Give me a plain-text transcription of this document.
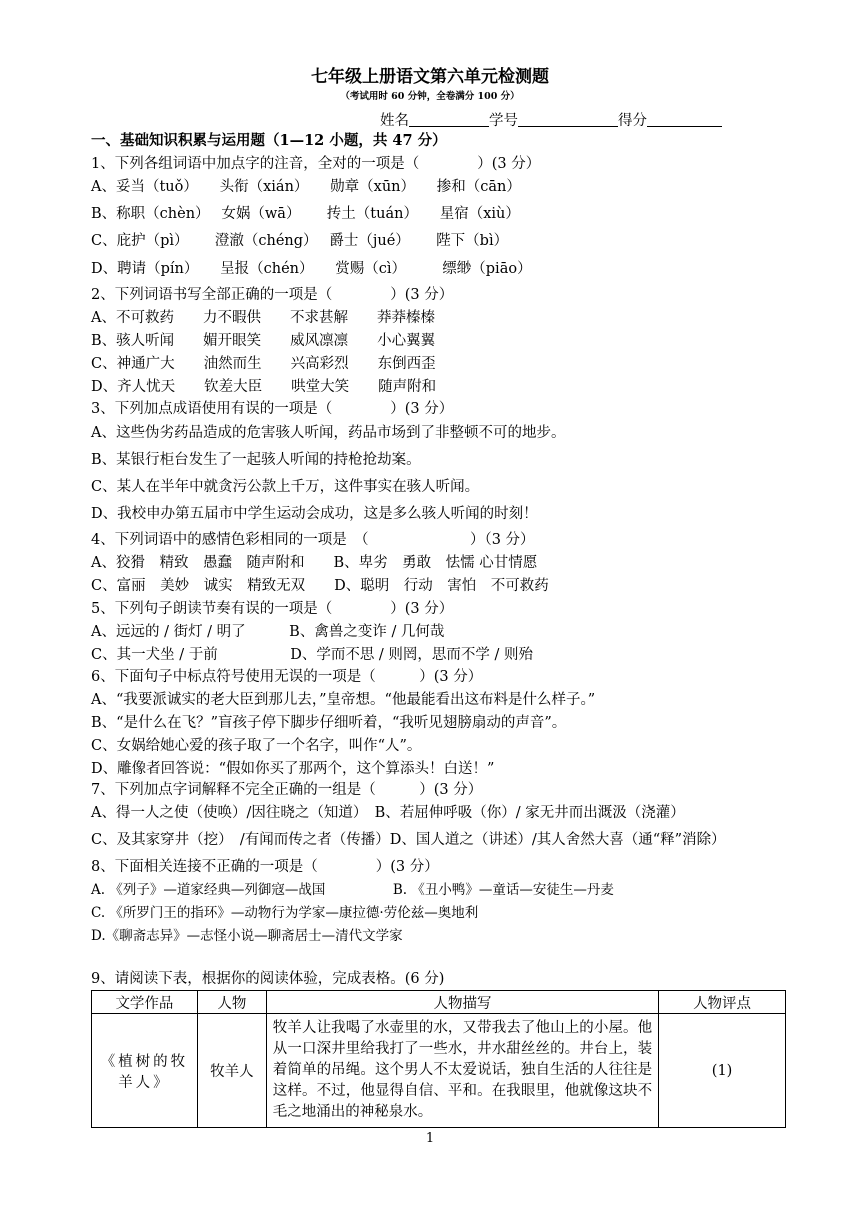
七年级上册语文第六单元检测题
（考试用时 60 分钟，全卷满分 100 分）
姓名	学号	得分
一、基础知识积累与运用题（1—12 小题，共 47 分）
1、下列各组词语中加点字的注音，全对的一项是（　　　　）(3 分）
A、妥当（tuǒ）　　头衔（xián）　　勋章（xūn）　　掺和（cān）
B、称职（chèn）　 女娲（wā）　　 抟土（tuán）　　星宿（xiù）
C、庇护（pì）　　 澄澈（chéng）　 爵士（jué）　　 陛下（bì）
D、聘请（pín）　　呈报（chén）　　赏赐（cì）　　　缥缈（piāo）
2、下列词语书写全部正确的一项是（　　　　）(3 分）
A、不可救药　　力不暇供　　不求甚解　　莽莽榛榛
B、骇人听闻　　媚开眼笑　　威风凛凛　　小心翼翼
C、神通广大　　油然而生　　兴高彩烈　　东倒西歪
D、齐人忧天　　钦差大臣　　哄堂大笑　　随声附和
3、下列加点成语使用有误的一项是（　　　　）(3 分）
A、这些伪劣药品造成的危害骇人听闻，药品市场到了非整顿不可的地步。
B、某银行柜台发生了一起骇人听闻的持枪抢劫案。
C、某人在半年中就贪污公款上千万，这件事实在骇人听闻。
D、我校申办第五届市中学生运动会成功，这是多么骇人听闻的时刻！
4、下列词语中的感情色彩相同的一项是　（　　　　　　　）（3 分）
A、狡猾　精致　愚蠢　随声附和　　B、卑劣　勇敢　怯懦 心甘情愿
C、富丽　美妙　诚实　精致无双　　D、聪明　行动　害怕　不可救药
5、下列句子朗读节奏有误的一项是（　　　　）(3 分）
A、远远的 / 街灯 / 明了　　　B、禽兽之变诈 / 几何哉
C、其一犬坐 / 于前　　　　　D、学而不思 / 则罔，思而不学 / 则殆
6、下面句子中标点符号使用无误的一项是（　　　）(3 分）
A、“我要派诚实的老大臣到那儿去，”皇帝想。“他最能看出这布料是什么样子。”
B、“是什么在飞？”盲孩子停下脚步仔细听着，“我听见翅膀扇动的声音”。
C、女娲给她心爱的孩子取了一个名字，叫作“人”。
D、雕像者回答说：“假如你买了那两个，这个算添头！白送！”
7、下列加点字词解释不完全正确的一组是（　　　）(3 分）
A、得一人之使（使唤）/因往晓之（知道）　B、若屈伸呼吸（你）/ 家无井而出溉汲（浇灌）
C、及其家穿井（挖）　/有闻而传之者（传播）D、国人道之（讲述）/其人舍然大喜（通“释”消除）
8、下面相关连接不正确的一项是（　　　　）(3 分）
A. 《列子》—道家经典—列御寇—战国　　　　　B. 《丑小鸭》—童话—安徒生—丹麦
C. 《所罗门王的指环》—动物行为学家—康拉德·劳伦兹—奥地利
D.《聊斋志异》—志怪小说—聊斋居士—清代文学家
9、请阅读下表，根据你的阅读体验，完成表格。(6 分)
文学作品	人物	人物描写	人物评点
《植树的牧羊人》	牧羊人	牧羊人让我喝了水壶里的水，又带我去了他山上的小屋。他从一口深井里给我打了一些水，井水甜丝丝的。井台上，装着简单的吊绳。这个男人不太爱说话，独自生活的人往往是这样。不过，他显得自信、平和。在我眼里，他就像这块不毛之地涌出的神秘泉水。	(1)
1
